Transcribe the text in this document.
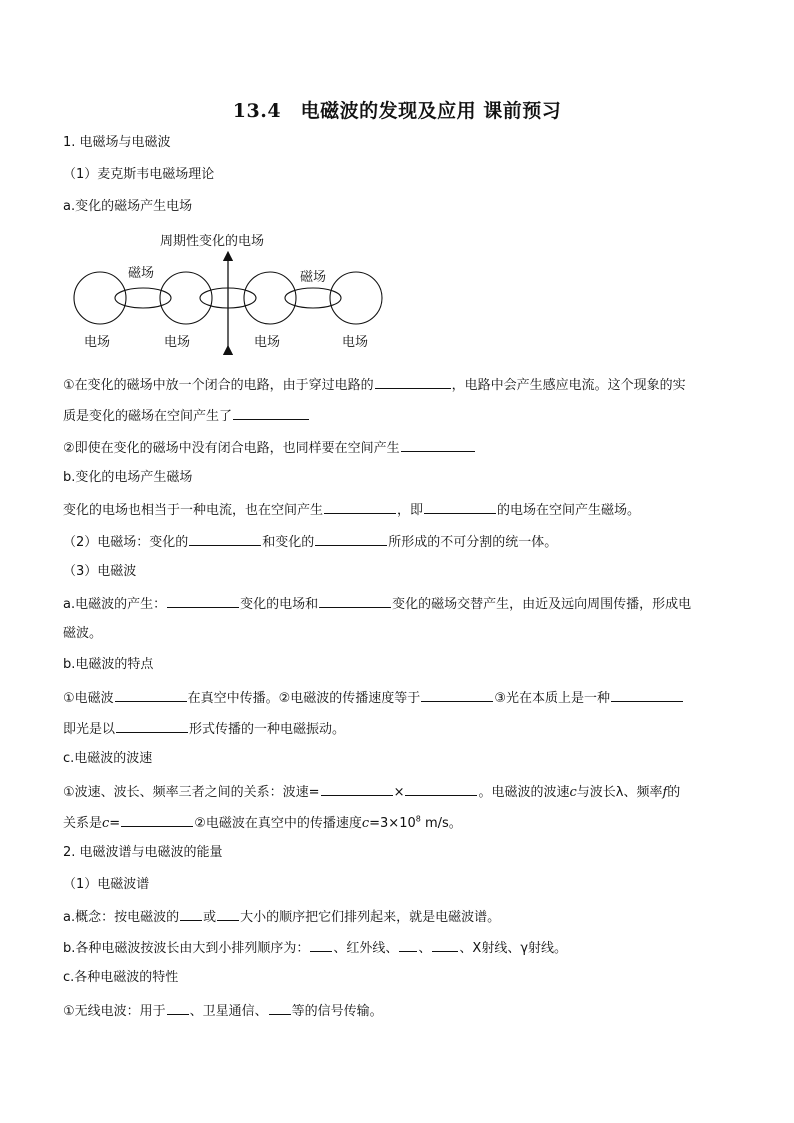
13.4　电磁波的发现及应用 课前预习
1. 电磁场与电磁波
（1）麦克斯韦电磁场理论
a.变化的磁场产生电场
周期性变化的电场
磁场	磁场
电场	电场	电场	电场
①在变化的磁场中放一个闭合的电路，由于穿过电路的	，电路中会产生感应电流。这个现象的实
质是变化的磁场在空间产生了
②即使在变化的磁场中没有闭合电路，也同样要在空间产生
b.变化的电场产生磁场
变化的电场也相当于一种电流，也在空间产生	，即	的电场在空间产生磁场。
（2）电磁场：变化的	和变化的	所形成的不可分割的统一体。
（3）电磁波
a.电磁波的产生：	变化的电场和	变化的磁场交替产生，由近及远向周围传播，形成电
磁波。
b.电磁波的特点
①电磁波	在真空中传播。②电磁波的传播速度等于	③光在本质上是一种
即光是以	形式传播的一种电磁振动。
c.电磁波的波速
①波速、波长、频率三者之间的关系：波速=	×	。电磁波的波速c与波长λ、频率f的
关系是c=	②电磁波在真空中的传播速度$c=3\times 10^8$ m/s。
2. 电磁波谱与电磁波的能量
（1）电磁波谱
a.概念：按电磁波的 或 大小的顺序把它们排列起来，就是电磁波谱。
b.各种电磁波按波长由大到小排列顺序为： 、红外线、 、 、X射线、γ射线。
c.各种电磁波的特性
①无线电波：用于 、卫星通信、 等的信号传输。
